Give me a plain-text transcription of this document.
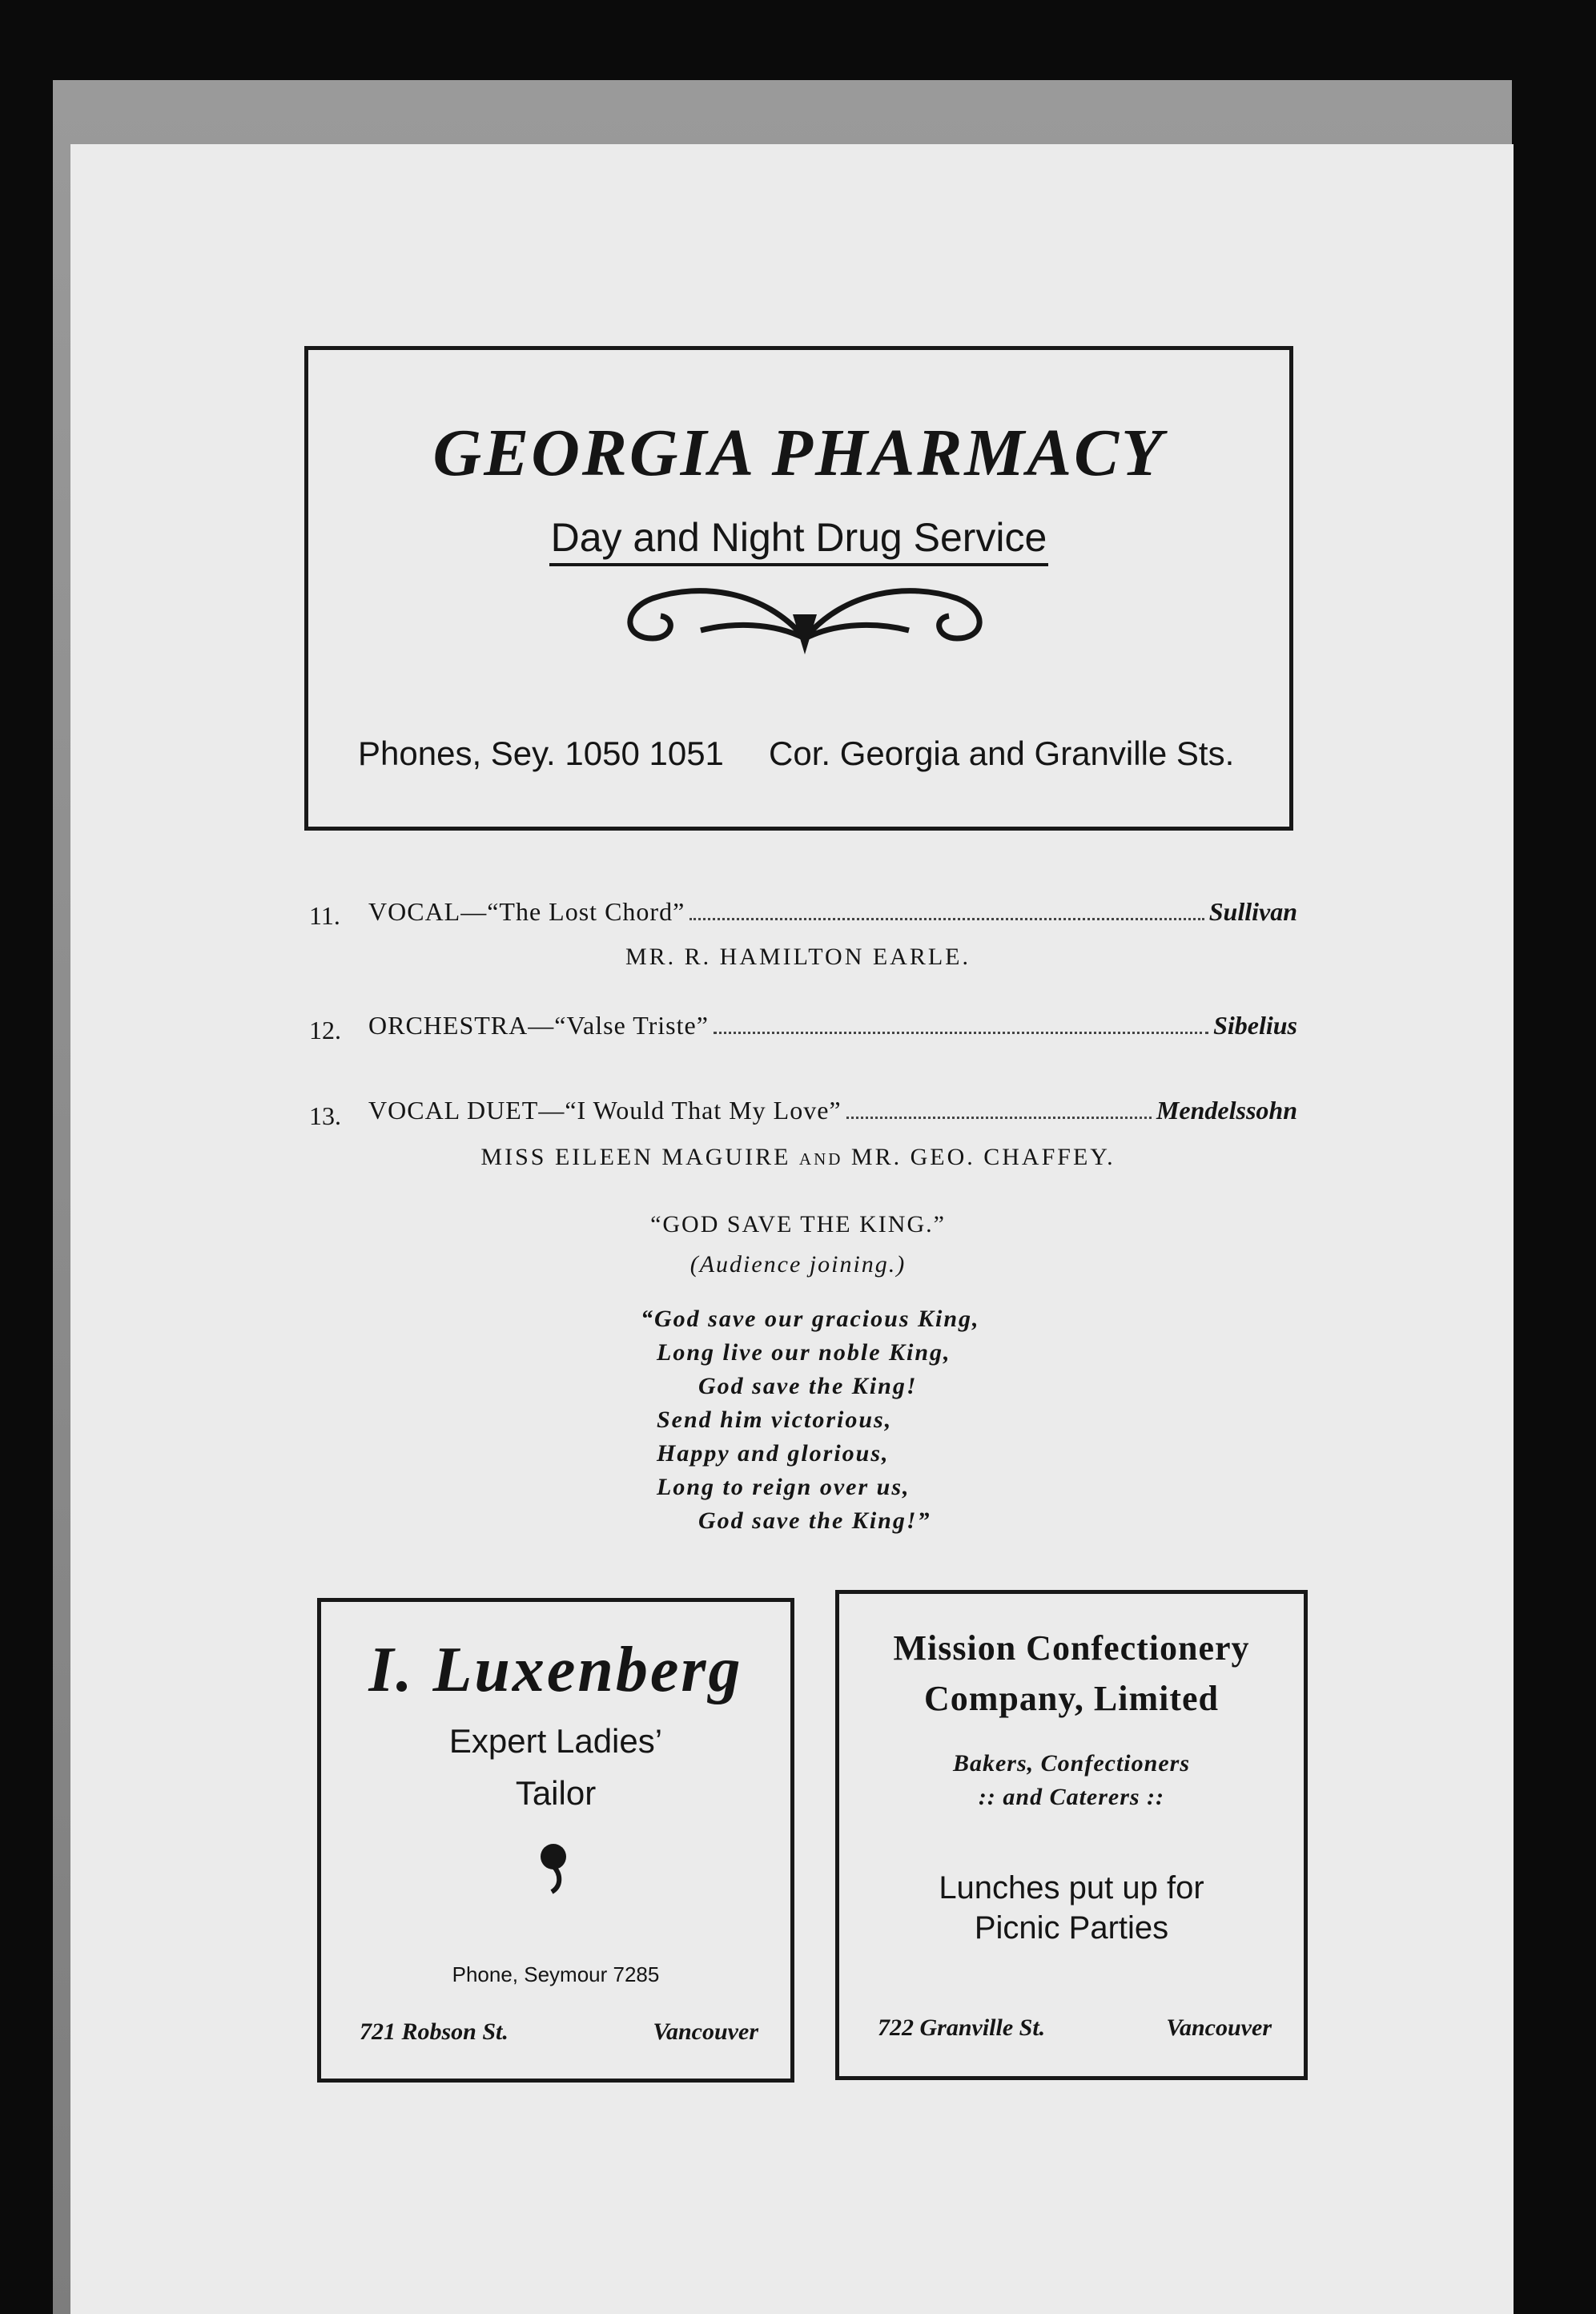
GEORGIA PHARMACY
Day and Night Drug Service
Phones, Sey. 1050 1051 Cor. Georgia and Granville Sts.
11. VOCAL—“The Lost Chord”	Sullivan
MR. R. HAMILTON EARLE.
12. ORCHESTRA—“Valse Triste”	Sibelius
13. VOCAL DUET—“I Would That My Love”	Mendelssohn
MISS EILEEN MAGUIRE and MR. GEO. CHAFFEY.
“GOD SAVE THE KING.”
(Audience joining.)
“God save our gracious King,
Long live our noble King,
God save the King!
Send him victorious,
Happy and glorious,
Long to reign over us,
God save the King!”
I. Luxenberg
Expert Ladies’
Tailor
Phone, Seymour 7285
721 Robson St.	Vancouver
Mission Confectionery
Company, Limited
Bakers, Confectioners
:: and Caterers ::
Lunches put up for
Picnic Parties
722 Granville St.	Vancouver
